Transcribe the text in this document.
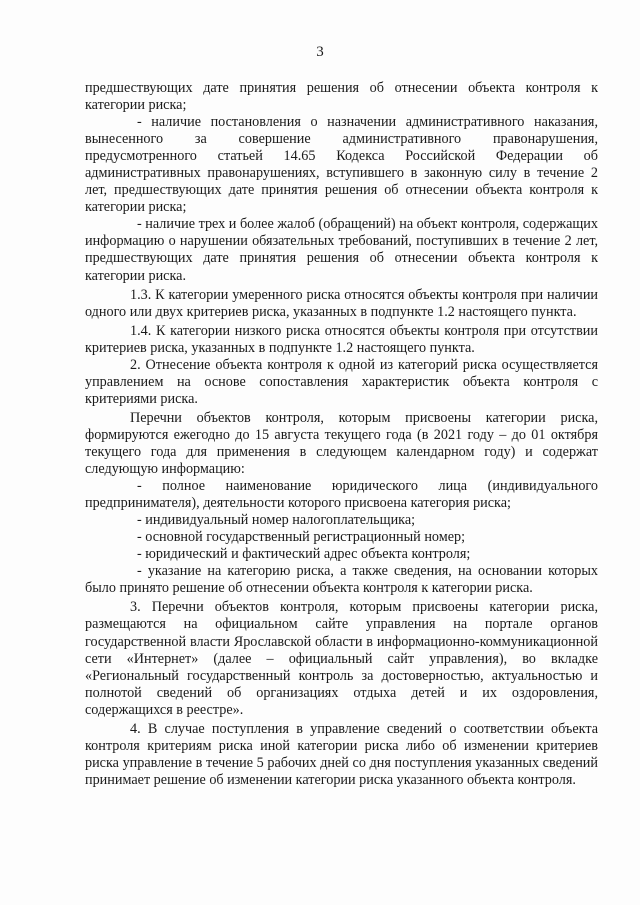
3

предшествующих дате принятия решения об отнесении объекта контроля к категории риска;

- наличие постановления о назначении административного наказания, вынесенного за совершение административного правонарушения, предусмотренного статьей 14.65 Кодекса Российской Федерации об административных правонарушениях, вступившего в законную силу в течение 2 лет, предшествующих дате принятия решения об отнесении объекта контроля к категории риска;

- наличие трех и более жалоб (обращений) на объект контроля, содержащих информацию о нарушении обязательных требований, поступивших в течение 2 лет, предшествующих дате принятия решения об отнесении объекта контроля к категории риска.

1.3. К категории умеренного риска относятся объекты контроля при наличии одного или двух критериев риска, указанных в подпункте 1.2 настоящего пункта.

1.4. К категории низкого риска относятся объекты контроля при отсутствии критериев риска, указанных в подпункте 1.2 настоящего пункта.

2. Отнесение объекта контроля к одной из категорий риска осуществляется управлением на основе сопоставления характеристик объекта контроля с критериями риска.

Перечни объектов контроля, которым присвоены категории риска, формируются ежегодно до 15 августа текущего года (в 2021 году – до 01 октября текущего года для применения в следующем календарном году) и содержат следующую информацию:

- полное наименование юридического лица (индивидуального предпринимателя), деятельности которого присвоена категория риска;

- индивидуальный номер налогоплательщика;

- основной государственный регистрационный номер;

- юридический и фактический адрес объекта контроля;

- указание на категорию риска, а также сведения, на основании которых было принято решение об отнесении объекта контроля к категории риска.

3. Перечни объектов контроля, которым присвоены категории риска, размещаются на официальном сайте управления на портале органов государственной власти Ярославской области в информационно-коммуникационной сети «Интернет» (далее – официальный сайт управления), во вкладке «Региональный государственный контроль за достоверностью, актуальностью и полнотой сведений об организациях отдыха детей и их оздоровления, содержащихся в реестре».

4. В случае поступления в управление сведений о соответствии объекта контроля критериям риска иной категории риска либо об изменении критериев риска управление в течение 5 рабочих дней со дня поступления указанных сведений принимает решение об изменении категории риска указанного объекта контроля.
